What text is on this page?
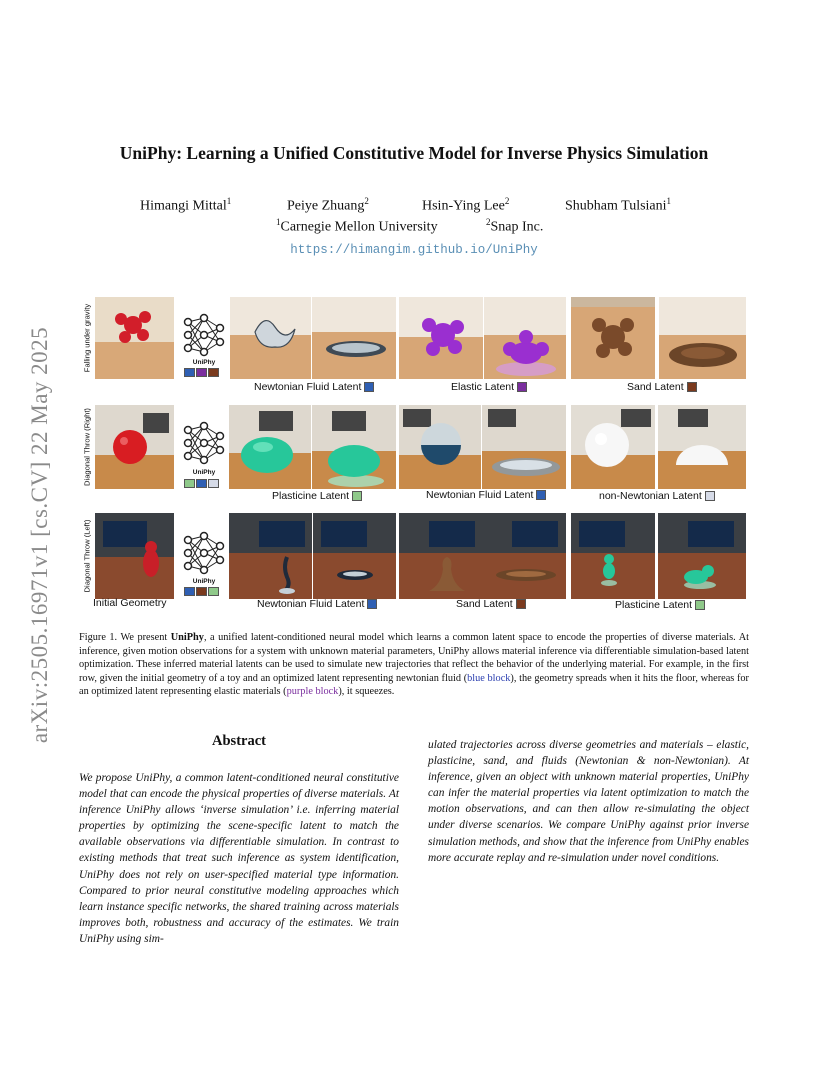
arXiv:2505.16971v1 [cs.CV] 22 May 2025
UniPhy: Learning a Unified Constitutive Model for Inverse Physics Simulation
Himangi Mittal$^1$	Peiye Zhuang$^2$	Hsin-Ying Lee$^2$	Shubham Tulsiani$^1$
$^1$Carnegie Mellon University	$^2$Snap Inc.
https://himangim.github.io/UniPhy
Falling under gravity
Diagonal Throw (Right)
Diagonal Throw (Left)
UniPhy
UniPhy
UniPhy
Newtonian Fluid Latent	Elastic Latent	Sand Latent
Plasticine Latent	Newtonian Fluid Latent	non-Newtonian Latent
Initial Geometry	Newtonian Fluid Latent	Sand Latent	Plasticine Latent
Figure 1. We present UniPhy, a unified latent-conditioned neural model which learns a common latent space to encode the properties of diverse materials. At inference, given motion observations for a system with unknown material parameters, UniPhy allows material inference via differentiable simulation-based latent optimization. These inferred material latents can be used to simulate new trajectories that reflect the behavior of the underlying material. For example, in the first row, given the initial geometry of a toy and an optimized latent representing newtonian fluid (blue block), the geometry spreads when it hits the floor, whereas for an optimized latent representing elastic materials (purple block), it squeezes.
Abstract
We propose UniPhy, a common latent-conditioned neural constitutive model that can encode the physical properties of diverse materials. At inference UniPhy allows ‘inverse simulation’ i.e. inferring material properties by optimizing the scene-specific latent to match the available observations via differentiable simulation. In contrast to existing methods that treat such inference as system identification, UniPhy does not rely on user-specified material type information. Compared to prior neural constitutive modeling approaches which learn instance specific networks, the shared training across materials improves both, robustness and accuracy of the estimates. We train UniPhy using sim-
ulated trajectories across diverse geometries and materials – elastic, plasticine, sand, and fluids (Newtonian & non-Newtonian). At inference, given an object with unknown material properties, UniPhy can infer the material properties via latent optimization to match the motion observations, and can then allow re-simulating the object under diverse scenarios. We compare UniPhy against prior inverse simulation methods, and show that the inference from UniPhy enables more accurate replay and re-simulation under novel conditions.
